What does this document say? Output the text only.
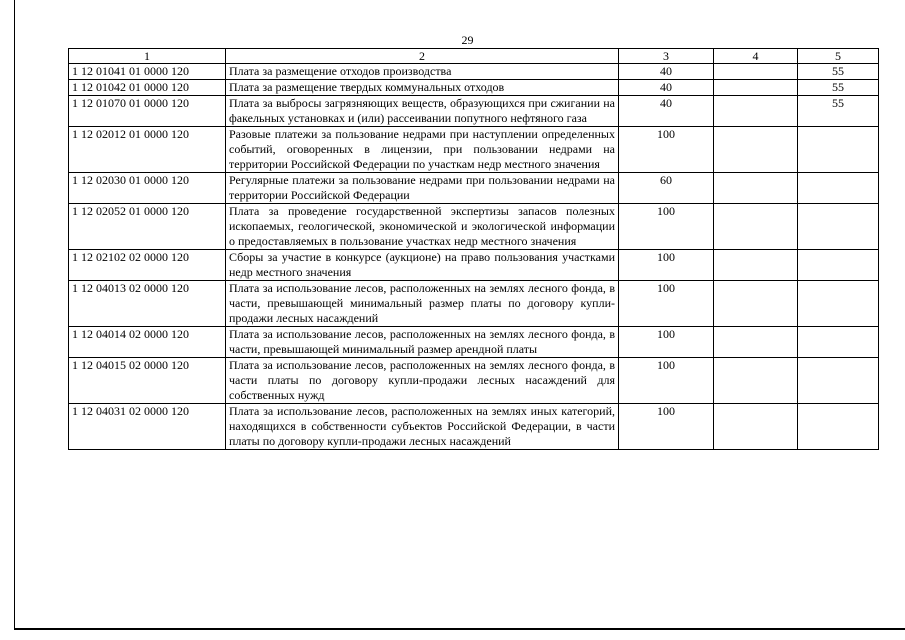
29
1	2	3	4	5
1 12 01041 01 0000 120	Плата за размещение отходов производства	40		55
1 12 01042 01 0000 120	Плата за размещение твердых коммунальных отходов	40		55
1 12 01070 01 0000 120	Плата за выбросы загрязняющих веществ, образующихся при сжигании на факельных установках и (или) рассеивании попутного нефтяного газа	40		55
1 12 02012 01 0000 120	Разовые платежи за пользование недрами при наступлении определенных событий, оговоренных в лицензии, при пользовании недрами на территории Российской Федерации по участкам недр местного значения	100		
1 12 02030 01 0000 120	Регулярные платежи за пользование недрами при пользовании недрами на территории Российской Федерации	60		
1 12 02052 01 0000 120	Плата за проведение государственной экспертизы запасов полезных ископаемых, геологической, экономической и экологической информации о предоставляемых в пользование участках недр местного значения	100		
1 12 02102 02 0000 120	Сборы за участие в конкурсе (аукционе) на право пользования участками недр местного значения	100		
1 12 04013 02 0000 120	Плата за использование лесов, расположенных на землях лесного фонда, в части, превышающей минимальный размер платы по договору купли-продажи лесных насаждений	100		
1 12 04014 02 0000 120	Плата за использование лесов, расположенных на землях лесного фонда, в части, превышающей минимальный размер арендной платы	100		
1 12 04015 02 0000 120	Плата за использование лесов, расположенных на землях лесного фонда, в части платы по договору купли-продажи лесных насаждений для собственных нужд	100		
1 12 04031 02 0000 120	Плата за использование лесов, расположенных на землях иных категорий, находящихся в собственности субъектов Российской Федерации, в части платы по договору купли-продажи лесных насаждений	100		
